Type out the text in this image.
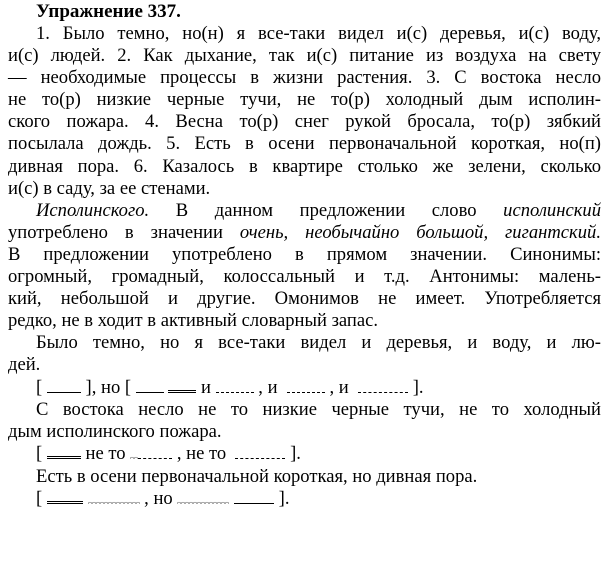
Упражнение 337.
1. Было темно, но(н) я все-таки видел и(с) деревья, и(с) воду,
и(с) людей. 2. Как дыхание, так и(с) питание из воздуха на свету
— необходимые процессы в жизни растения. 3. С востока несло
не то(р) низкие черные тучи, не то(р) холодный дым исполин-
ского пожара. 4. Весна то(р) снег рукой бросала, то(р) зябкий
посылала дождь. 5. Есть в осени первоначальной короткая, но(п)
дивная пора. 6. Казалось в квартире столько же зелени, сколько
и(с) в саду, за ее стенами.
Исполинского. В данном предложении слово исполинский
употреблено в значении очень, необычайно большой, гигантский.
В предложении употреблено в прямом значении. Синонимы:
огромный, громадный, колоссальный и т.д. Антонимы: малень-
кий, небольшой и другие. Омонимов не имеет. Употребляется
редко, не в ходит в активный словарный запас.
Было темно, но я все-таки видел и деревья, и воду, и лю-
дей.
[ ], но [	и  , и   , и	].
С востока несло не то низкие черные тучи, не то холодный
дым исполинского пожара.
[  не то  , не то	].
Есть в осени первоначальной короткая, но дивная пора.
[	, но	].
